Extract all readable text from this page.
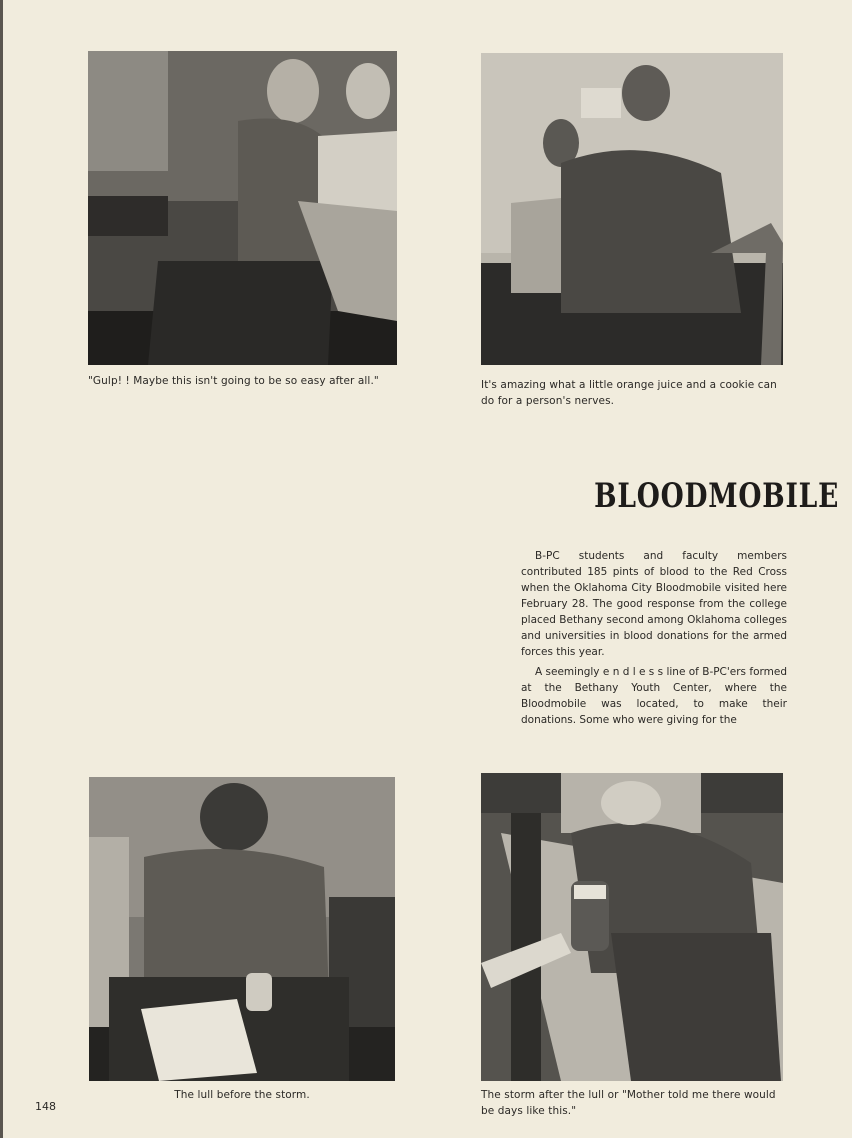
"Gulp! ! Maybe this isn't going to be so easy after all."	It's amazing what a little orange juice and a cookie can do for a person's nerves.
BLOODMOBILE

B-PC students and faculty members contributed 185 pints of blood to the Red Cross when the Oklahoma City Bloodmobile visited here February 28. The good response from the college placed Bethany second among Oklahoma colleges and universities in blood donations for the armed forces this year.

A seemingly e n d l e s s line of B-PC'ers formed at the Bethany Youth Center, where the Bloodmobile was located, to make their donations. Some who were giving for the

The lull before the storm.	The storm after the lull or "Mother told me there would be days like this."
148
